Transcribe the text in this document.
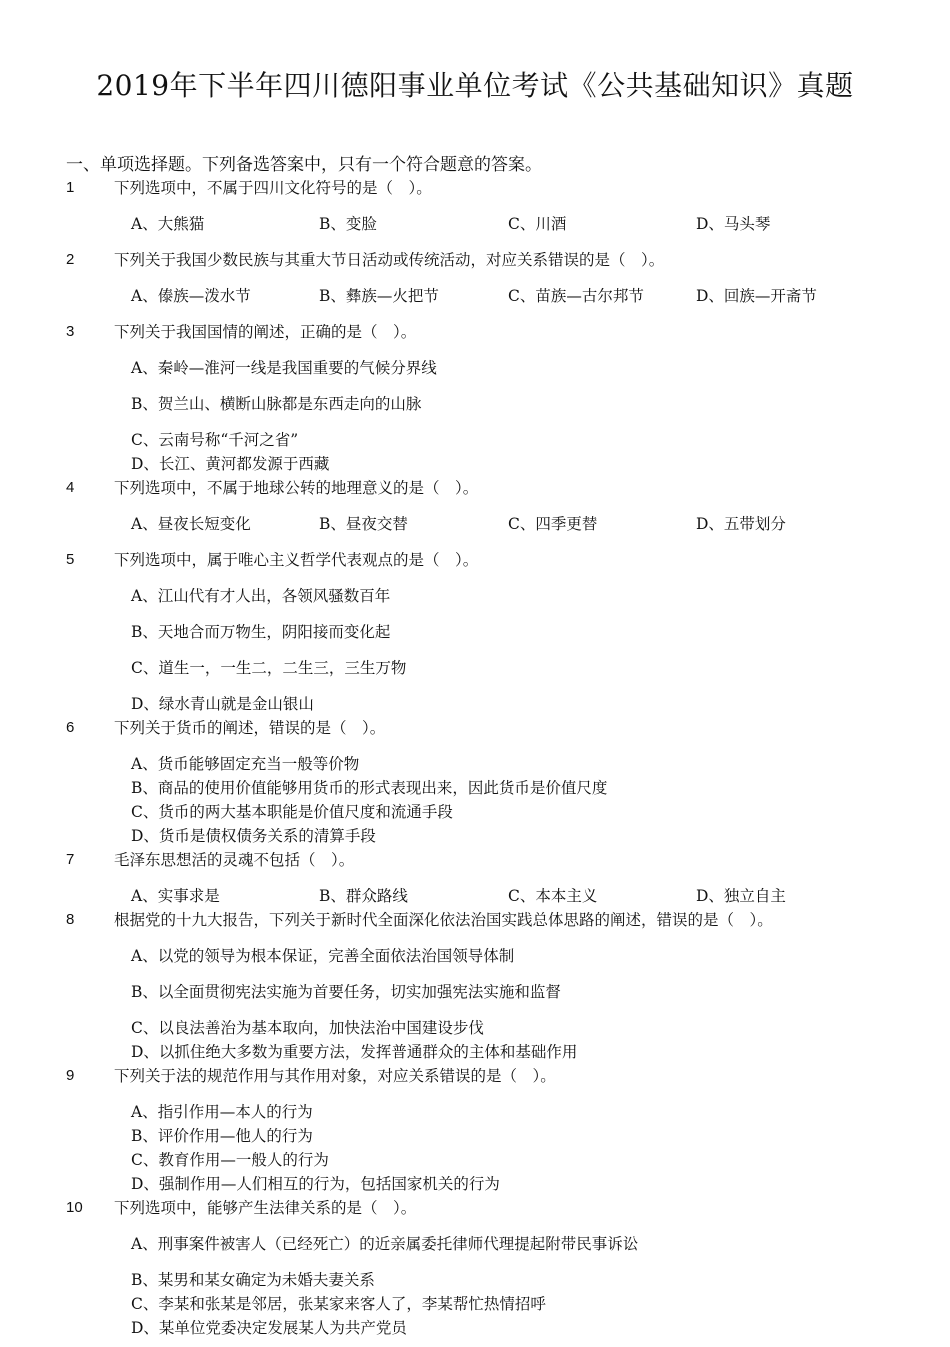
2019年下半年四川德阳事业单位考试《公共基础知识》真题
一、单项选择题。下列备选答案中，只有一个符合题意的答案。
1	下列选项中，不属于四川文化符号的是（　）。
A、大熊猫	B、变脸	C、川酒	D、马头琴
2	下列关于我国少数民族与其重大节日活动或传统活动，对应关系错误的是（　）。
A、傣族—泼水节	B、彝族—火把节	C、苗族—古尔邦节	D、回族—开斋节
3	下列关于我国国情的阐述，正确的是（　）。
A、秦岭—淮河一线是我国重要的气候分界线
B、贺兰山、横断山脉都是东西走向的山脉
C、云南号称“千河之省”
D、长江、黄河都发源于西藏
4	下列选项中，不属于地球公转的地理意义的是（　）。
A、昼夜长短变化	B、昼夜交替	C、四季更替	D、五带划分
5	下列选项中，属于唯心主义哲学代表观点的是（　）。
A、江山代有才人出，各领风骚数百年
B、天地合而万物生，阴阳接而变化起
C、道生一，一生二，二生三，三生万物
D、绿水青山就是金山银山
6	下列关于货币的阐述，错误的是（　）。
A、货币能够固定充当一般等价物
B、商品的使用价值能够用货币的形式表现出来，因此货币是价值尺度
C、货币的两大基本职能是价值尺度和流通手段
D、货币是债权债务关系的清算手段
7	毛泽东思想活的灵魂不包括（　）。
A、实事求是	B、群众路线	C、本本主义	D、独立自主
8	根据党的十九大报告，下列关于新时代全面深化依法治国实践总体思路的阐述，错误的是（　）。
A、以党的领导为根本保证，完善全面依法治国领导体制
B、以全面贯彻宪法实施为首要任务，切实加强宪法实施和监督
C、以良法善治为基本取向，加快法治中国建设步伐
D、以抓住绝大多数为重要方法，发挥普通群众的主体和基础作用
9	下列关于法的规范作用与其作用对象，对应关系错误的是（　）。
A、指引作用—本人的行为
B、评价作用—他人的行为
C、教育作用—一般人的行为
D、强制作用—人们相互的行为，包括国家机关的行为
10 下列选项中，能够产生法律关系的是（　）。
A、刑事案件被害人（已经死亡）的近亲属委托律师代理提起附带民事诉讼
B、某男和某女确定为未婚夫妻关系
C、李某和张某是邻居，张某家来客人了，李某帮忙热情招呼
D、某单位党委决定发展某人为共产党员
